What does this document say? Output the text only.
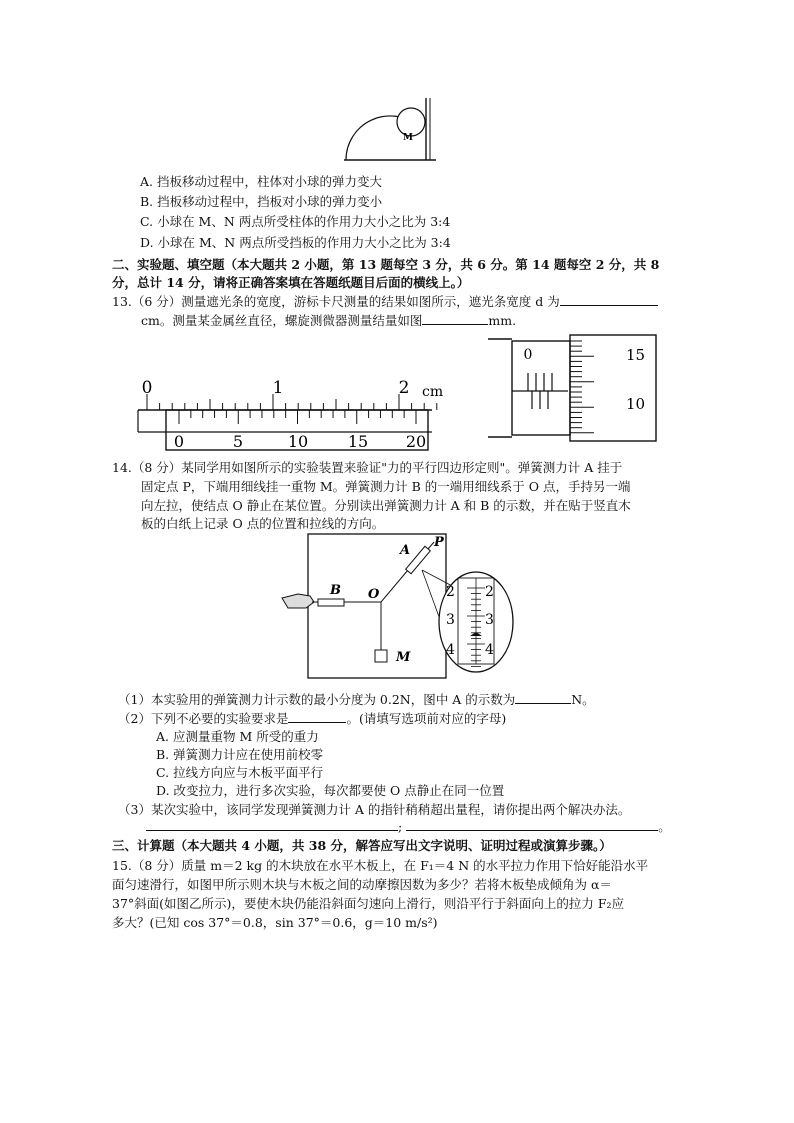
M
A. 挡板移动过程中，柱体对小球的弹力变大
B. 挡板移动过程中，挡板对小球的弹力变小
C. 小球在 M、N 两点所受柱体的作用力大小之比为 3:4
D. 小球在 M、N 两点所受挡板的作用力大小之比为 3:4
二、实验题、填空题（本大题共 2 小题，第 13 题每空 3 分，共 6 分。第 14 题每空 2 分，共 8
分，总计 14 分，请将正确答案填在答题纸题目后面的横线上。）
13.（6 分）测量遮光条的宽度，游标卡尺测量的结果如图所示，遮光条宽度 d 为
cm。测量某金属丝直径，螺旋测微器测量结量如图	mm.
0	1	2 cm
0	5	10 15 20
0	15
10
14.（8 分）某同学用如图所示的实验装置来验证"力的平行四边形定则"。弹簧测力计 A 挂于
固定点 P，下端用细线挂一重物 M。弹簧测力计 B 的一端用细线系于 O 点，手持另一端
向左拉，使结点 O 静止在某位置。分别读出弹簧测力计 A 和 B 的示数，并在贴于竖直木
板的白纸上记录 O 点的位置和拉线的方向。
A
P
B O
M
2
3
4
2
3
4
（1）本实验用的弹簧测力计示数的最小分度为 0.2N，图中 A 的示数为	N。
（2）下列不必要的实验要求是	。(请填写选项前对应的字母)
A. 应测量重物 M 所受的重力
B. 弹簧测力计应在使用前校零
C. 拉线方向应与木板平面平行
D. 改变拉力，进行多次实验，每次都要使 O 点静止在同一位置
（3）某次实验中，该同学发现弹簧测力计 A 的指针稍稍超出量程，请你提出两个解决办法。
;	。
三、计算题（本大题共 4 小题，共 38 分，解答应写出文字说明、证明过程或演算步骤。）
15.（8 分）质量 m＝2 kg 的木块放在水平木板上，在 F₁＝4 N 的水平拉力作用下恰好能沿水平
面匀速滑行，如图甲所示则木块与木板之间的动摩擦因数为多少？若将木板垫成倾角为 α＝
37°斜面(如图乙所示)，要使木块仍能沿斜面匀速向上滑行，则沿平行于斜面向上的拉力 F₂应
多大？(已知 cos 37°＝0.8，sin 37°＝0.6，g＝10 m/s²)
